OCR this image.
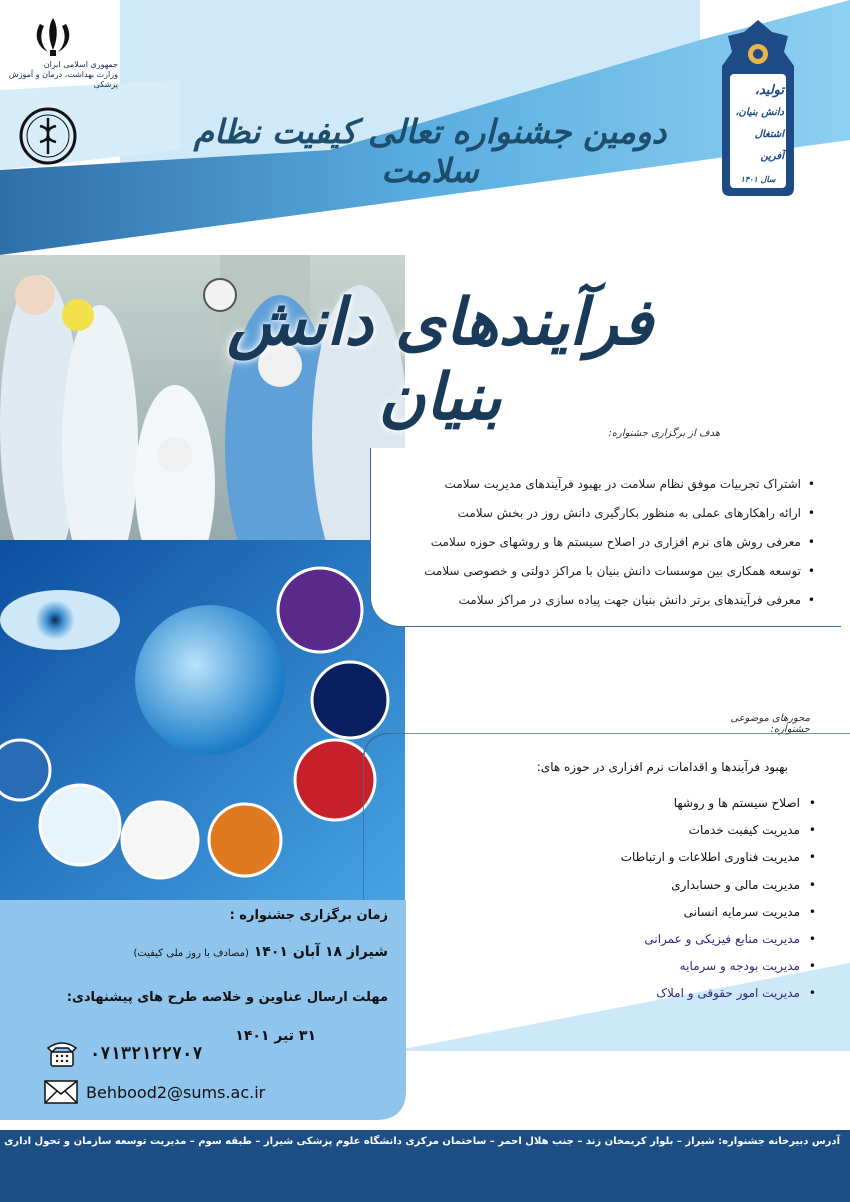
جمهوری اسلامی ایران
وزارت بهداشت، درمان و آموزش پزشکی
دومین جشنواره تعالی کیفیت نظام سلامت
تولید،
دانش بنیان،
اشتغال آفرین
سال ۱۴۰۱
فرآیندهای دانش بنیان	هدف از برگزاری جشنواره:
• اشتراک تجربیات موفق نظام سلامت در بهبود فرآیندهای مدیریت سلامت
• ارائه راهکارهای عملی به منظور بکارگیری دانش روز در بخش سلامت
• معرفی روش های نرم افزاری در اصلاح سیستم ها و روشهای حوزه سلامت
• توسعه همکاری بین موسسات دانش بنیان با مراکز دولتی و خصوصی سلامت
• معرفی فرآیندهای برتر دانش بنیان جهت پیاده سازی در مراکز سلامت
محورهای موضوعی جشنواره:
بهبود فرآیندها و اقدامات نرم افزاری در حوزه های:
• اصلاح سیستم ها و روشها
• مدیریت کیفیت خدمات
• مدیریت فناوری اطلاعات و ارتباطات
• مدیریت مالی و حسابداری
• مدیریت سرمایه انسانی
• مدیریت منابع فیزیکی و عمرانی
• مدیریت بودجه و سرمایه
• مدیریت امور حقوقی و املاک
زمان برگزاری جشنواره :
شیراز ۱۸ آبان ۱۴۰۱ (مصادف با روز ملی کیفیت)
مهلت ارسال عناوین و خلاصه طرح های پیشنهادی:
۳۱ تیر ۱۴۰۱
۰۷۱۳۲۱۲۲۷۰۷
Behbood2@sums.ac.ir
آدرس دبیرخانه جشنواره: شیراز – بلوار کریمخان زند – جنب هلال احمر – ساختمان مرکزی دانشگاه علوم پزشکی شیراز – طبقه سوم – مدیریت توسعه سازمان و تحول اداری
